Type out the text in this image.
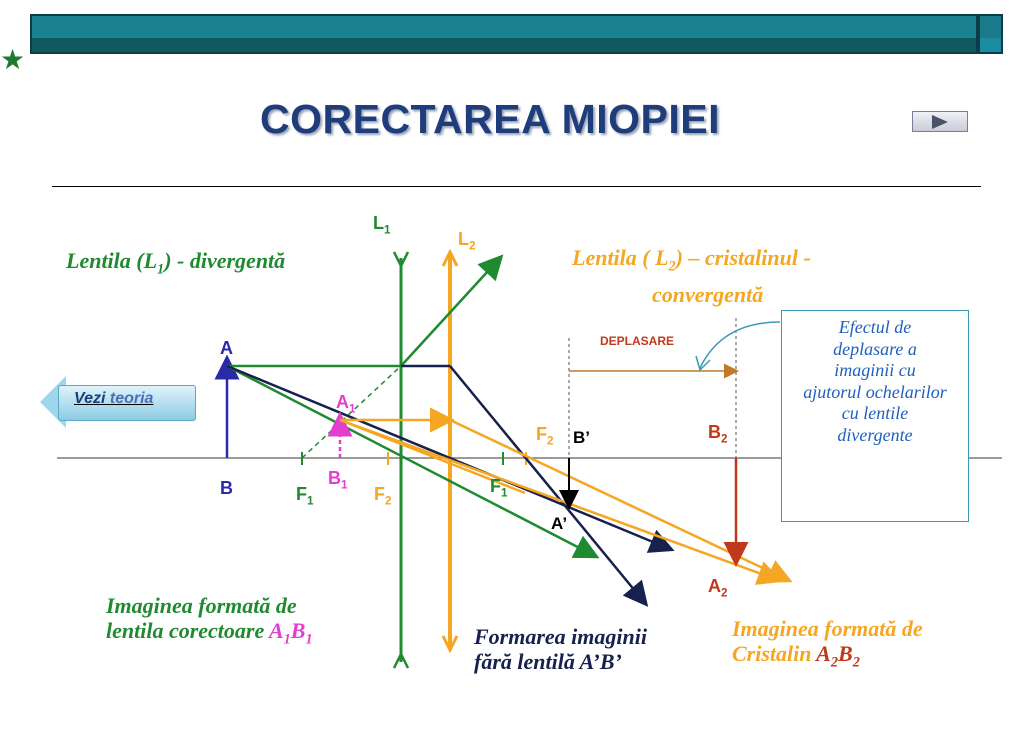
★
CORECTAREA MIOPIEI
$L_1$	$L_2$
A
B
$A_1$
$B_1$
$F_1$	$F_2$
$F_1$
$F_2$ B’
A’
$B_2$
$A_2$
DEPLASARE
Lentila $(L_1)$ - divergentă	Lentila ( $L_2$) – cristalinul -
convergentă
Imaginea formată de
lentila corectoare $A_1B_1$	Formarea imaginii
fără lentilă A’B’
Imaginea formată de
Cristalin $A_2B_2$
Efectul de
deplasare a
imaginii cu
ajutorul ochelarilor
cu lentile
divergente
Vezi teoria
